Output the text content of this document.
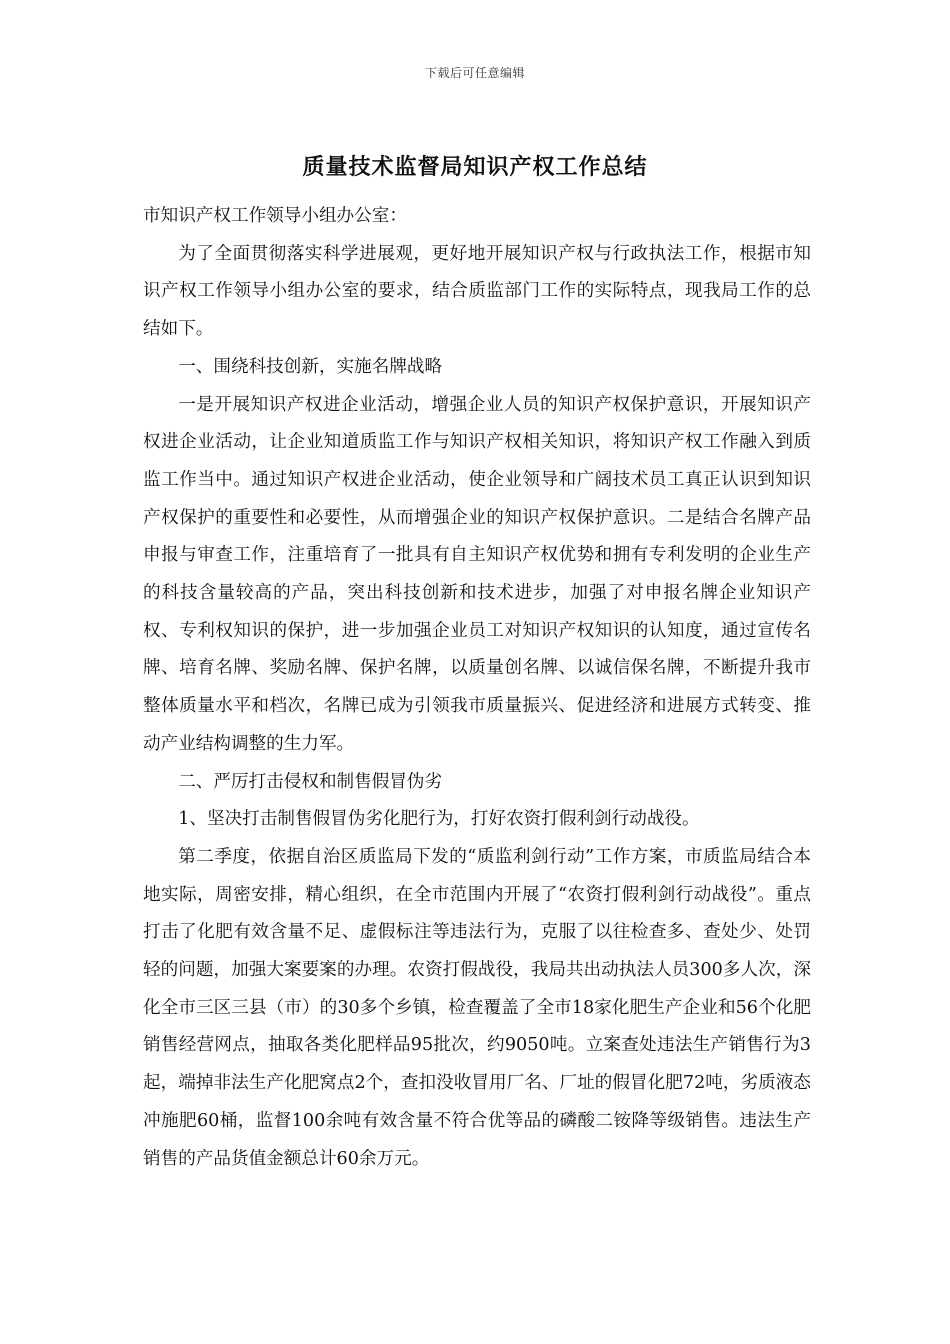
下载后可任意编辑
质量技术监督局知识产权工作总结

市知识产权工作领导小组办公室：

为了全面贯彻落实科学进展观，更好地开展知识产权与行政执法工作，根据市知识产权工作领导小组办公室的要求，结合质监部门工作的实际特点，现我局工作的总结如下。

一、围绕科技创新，实施名牌战略

一是开展知识产权进企业活动，增强企业人员的知识产权保护意识，开展知识产权进企业活动，让企业知道质监工作与知识产权相关知识，将知识产权工作融入到质监工作当中。通过知识产权进企业活动，使企业领导和广阔技术员工真正认识到知识产权保护的重要性和必要性，从而增强企业的知识产权保护意识。二是结合名牌产品申报与审查工作，注重培育了一批具有自主知识产权优势和拥有专利发明的企业生产的科技含量较高的产品，突出科技创新和技术进步，加强了对申报名牌企业知识产权、专利权知识的保护，进一步加强企业员工对知识产权知识的认知度，通过宣传名牌、培育名牌、奖励名牌、保护名牌，以质量创名牌、以诚信保名牌，不断提升我市整体质量水平和档次，名牌已成为引领我市质量振兴、促进经济和进展方式转变、推动产业结构调整的生力军。

二、严厉打击侵权和制售假冒伪劣

1、坚决打击制售假冒伪劣化肥行为，打好农资打假利剑行动战役。

第二季度，依据自治区质监局下发的“质监利剑行动”工作方案，市质监局结合本地实际，周密安排，精心组织，在全市范围内开展了“农资打假利剑行动战役”。重点打击了化肥有效含量不足、虚假标注等违法行为，克服了以往检查多、查处少、处罚轻的问题，加强大案要案的办理。农资打假战役，我局共出动执法人员300多人次，深化全市三区三县（市）的30多个乡镇，检查覆盖了全市18家化肥生产企业和56个化肥销售经营网点，抽取各类化肥样品95批次，约9050吨。立案查处违法生产销售行为3起，端掉非法生产化肥窝点2个，查扣没收冒用厂名、厂址的假冒化肥72吨，劣质液态冲施肥60桶，监督100余吨有效含量不符合优等品的磷酸二铵降等级销售。违法生产销售的产品货值金额总计60余万元。
